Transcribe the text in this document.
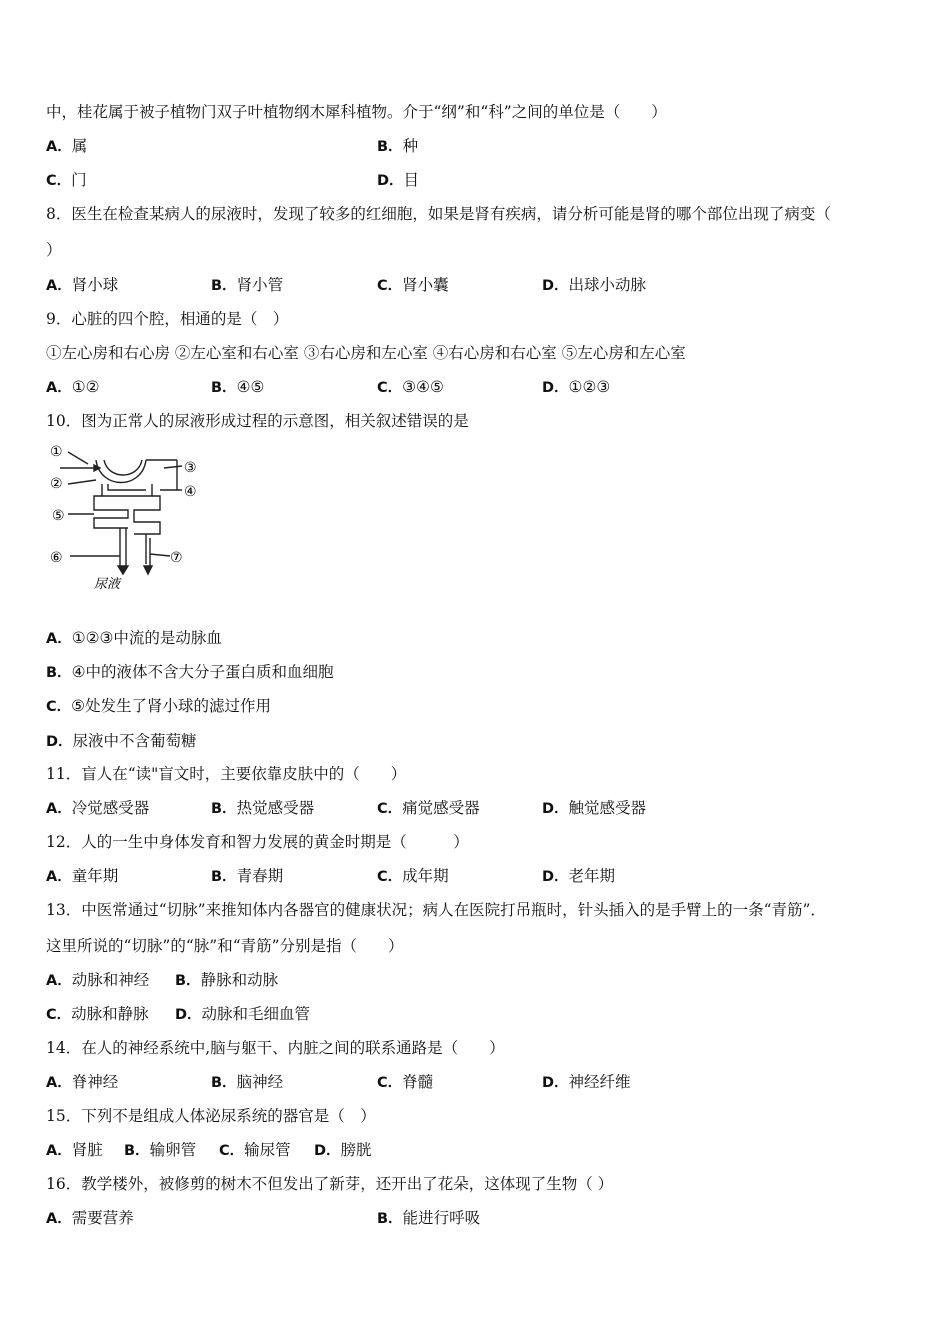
中，桂花属于被子植物门双子叶植物纲木犀科植物。介于“纲”和“科”之间的单位是（　　）
A．属	B．种
C．门	D．目
8．医生在检查某病人的尿液时，发现了较多的红细胞，如果是肾有疾病，请分析可能是肾的哪个部位出现了病变（
）
A．肾小球	B．肾小管	C．肾小囊	D．出球小动脉
9．心脏的四个腔，相通的是（　）
①左心房和右心房 ②左心室和右心室 ③右心房和左心室 ④右心房和右心室 ⑤左心房和左心室
A．①②	B．④⑤	C．③④⑤	D．①②③
10．图为正常人的尿液形成过程的示意图，相关叙述错误的是
①
②
③
④
⑤
⑥	⑦
尿液
A．①②③中流的是动脉血
B．④中的液体不含大分子蛋白质和血细胞
C．⑤处发生了肾小球的滤过作用
D．尿液中不含葡萄糖
11．盲人在“读"盲文时，主要依靠皮肤中的（　　）
A．冷觉感受器	B．热觉感受器	C．痛觉感受器	D．触觉感受器
12．人的一生中身体发育和智力发展的黄金时期是（　　　）
A．童年期	B．青春期	C．成年期	D．老年期
13．中医常通过“切脉”来推知体内各器官的健康状况；病人在医院打吊瓶时，针头插入的是手臂上的一条“青筋”．
这里所说的“切脉”的“脉”和“青筋”分别是指（　　）
A．动脉和神经 B．静脉和动脉
C．动脉和静脉 D．动脉和毛细血管
14．在人的神经系统中,脑与躯干、内脏之间的联系通路是（　　）
A．脊神经	B．脑神经	C．脊髓	D．神经纤维
15．下列不是组成人体泌尿系统的器官是（　）
A．肾脏 B．输卵管 C．输尿管 D．膀胱
16．教学楼外，被修剪的树木不但发出了新芽，还开出了花朵，这体现了生物（ ）
A．需要营养	B．能进行呼吸
